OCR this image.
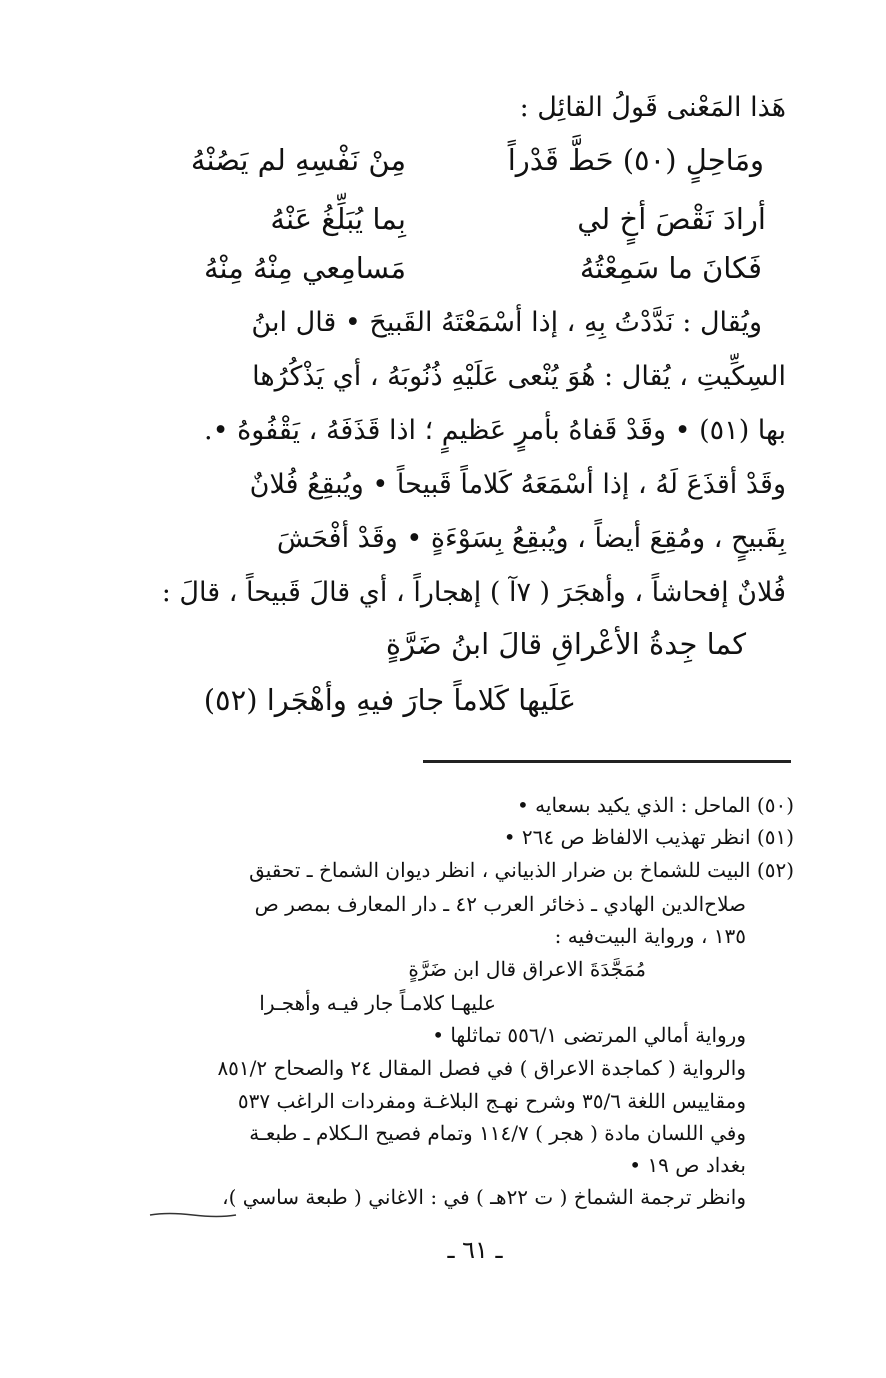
هَذا المَعْنى قَولُ القائِل :
ومَاحِلٍ (٥٠) حَطَّ قَدْراً
مِنْ نَفْسِهِ لم يَصُنْهُ
أرادَ نَقْصَ أخٍ لي
بِما يُبَلِّغُ عَنْهُ
فَكانَ ما سَمِعْتُهُ
مَسامِعي مِنْهُ مِنْهُ
ويُقال : نَدَّدْتُ بِهِ ، إذا أسْمَعْتَهُ القَبيحَ • قال ابنُ
السِكِّيتِ ، يُقال : هُوَ يُنْعى عَلَيْهِ ذُنُوبَهُ ، أي يَذْكُرُها
بها (٥١) • وقَدْ قَفاهُ بأمرٍ عَظيمٍ ؛ اذا قَذَفَهُ ، يَقْفُوهُ •.
وقَدْ أقذَعَ لَهُ ، إذا أسْمَعَهُ كَلاماً قَبيحاً • ويُبقِعُ فُلانٌ
بِقَبيحٍ ، ومُقِعَ أيضاً ، ويُبقِعُ بِسَوْءَةٍ • وقَدْ أفْحَشَ
فُلانٌ إفحاشاً ، وأهجَرَ ( ٧آ ) إهجاراً ، أي قالَ قَبيحاً ، قالَ :
كما جِدةُ الأعْراقِ قالَ ابنُ ضَرَّةٍ
عَلَيها كَلاماً جارَ فيهِ وأهْجَرا (٥٢)
(٥٠) الماحل : الذي يكيد بسعايه •
(٥١) انظر تهذيب الالفاظ ص ٢٦٤ •
(٥٢) البيت للشماخ بن ضرار الذبياني ، انظر ديوان الشماخ ـ تحقيق
صلاح‌الدين الهادي ـ ذخائر العرب ٤٢ ـ دار المعارف بمصر ص
١٣٥ ، ورواية البيت‌فيه :
مُمَجَّدَةَ الاعراق قال ابن ضَرَّةٍ
عليهـا كلامـاً جار فيـه وأهجـرا
ورواية أمالي المرتضى ٥٥٦/١ تماثلها •
والرواية ( كماجدة الاعراق ) في فصل المقال ٢٤ والصحاح ٨٥١/٢
ومقاييس اللغة ٣٥/٦ وشرح نهـج البلاغـة ومفردات الراغب ٥٣٧
وفي اللسان مادة ( هجر ) ١١٤/٧ وتمام فصيح الـكلام ـ طبعـة
بغداد ص ١٩ •
وانظر ترجمة الشماخ ( ت ٢٢هـ ) في : الاغاني ( طبعة ساسي )،
ـ ٦١ ـ
